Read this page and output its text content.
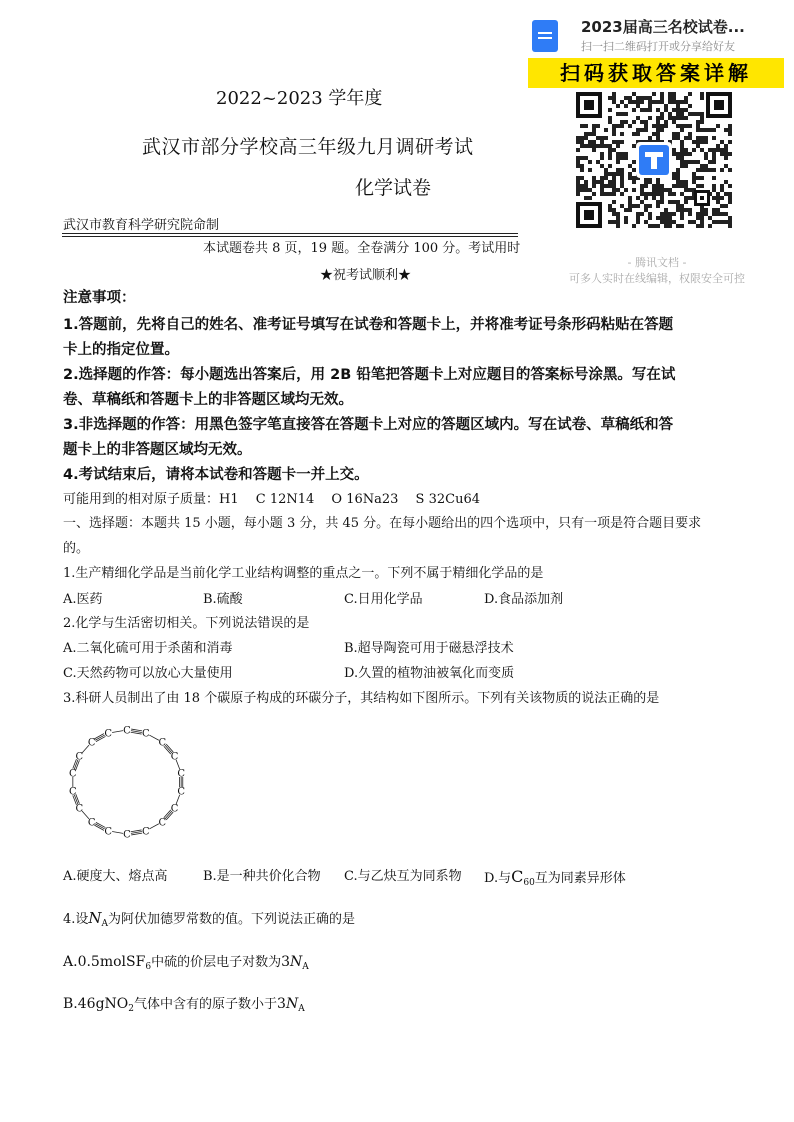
2022~2023 学年度
武汉市部分学校高三年级九月调研考试
化学试卷
武汉市教育科学研究院命制
本试题卷共 8 页，19 题。全卷满分 100 分。考试用时
★祝考试顺利★
注意事项：
1.答题前，先将自己的姓名、准考证号填写在试卷和答题卡上，并将准考证号条形码粘贴在答题
卡上的指定位置。
2.选择题的作答：每小题选出答案后，用 2B 铅笔把答题卡上对应题目的答案标号涂黑。写在试
卷、草稿纸和答题卡上的非答题区域均无效。
3.非选择题的作答：用黑色签字笔直接答在答题卡上对应的答题区域内。写在试卷、草稿纸和答
题卡上的非答题区域均无效。
4.考试结束后，请将本试卷和答题卡一并上交。
可能用到的相对原子质量：H1　 C 12N14　 O 16Na23　 S 32Cu64
一、选择题：本题共 15 小题，每小题 3 分，共 45 分。在每小题给出的四个选项中，只有一项是符合题目要求
的。
1.生产精细化学品是当前化学工业结构调整的重点之一。下列不属于精细化学品的是
A.医药	B.硫酸	C.日用化学品	D.食品添加剂
2.化学与生活密切相关。下列说法错误的是
A.二氧化硫可用于杀菌和消毒	B.超导陶瓷可用于磁悬浮技术
C.天然药物可以放心大量使用	D.久置的植物油被氧化而变质
3.科研人员制出了由 18 个碳原子构成的环碳分子，其结构如下图所示。下列有关该物质的说法正确的是
C C
C
C
C
C
C
C
C
C
C
C
C
C
C
C
C
C
A.硬度大、熔点高	B.是一种共价化合物 C.与乙炔互为同系物 D.与$C_{60}$互为同素异形体
4.设$N_A$为阿伏加德罗常数的值。下列说法正确的是
A.0.5molSF$_6$中硫的价层电子对数为$3N_A$
B.46gNO$_2$气体中含有的原子数小于$3N_A$
2023届高三名校试卷...
扫一扫二维码打开或分享给好友
扫码获取答案详解
- 腾讯文档 -
可多人实时在线编辑，权限安全可控
